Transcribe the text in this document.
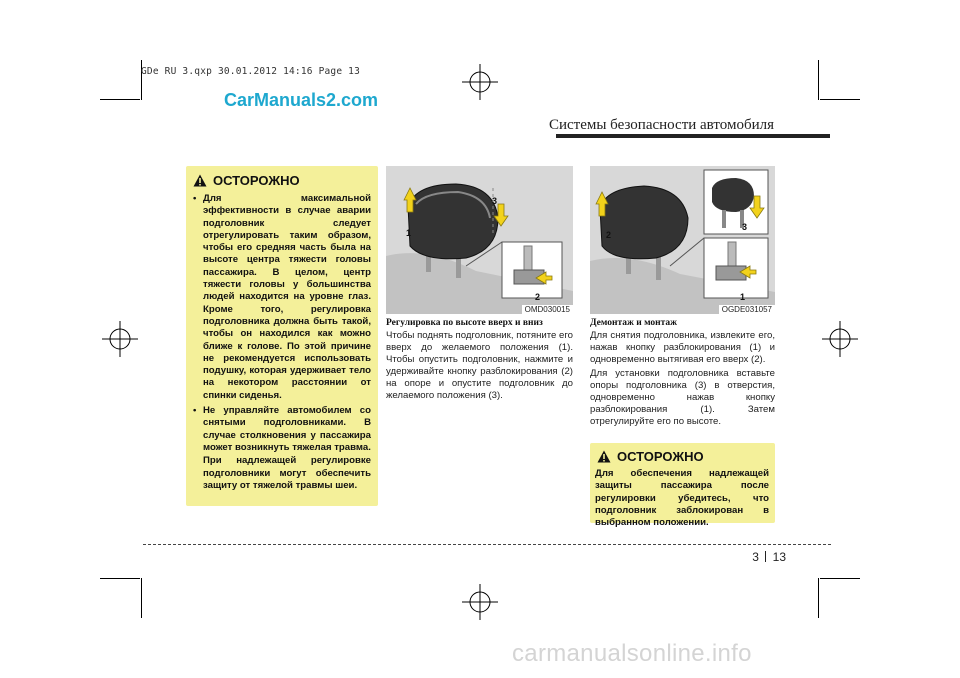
GDe RU 3.qxp 30.01.2012 14:16 Page 13
CarManuals2.com
Системы безопасности автомобиля
ОСТОРОЖНО
• Для максимальной эффективности в случае аварии подголовник следует отрегулировать таким образом, чтобы его средняя часть была на высоте центра тяжести головы пассажира. В целом, центр тяжести головы у большинства людей находится на уровне глаз. Кроме того, регулировка подголовника должна быть такой, чтобы он находился как можно ближе к голове. По этой причине не рекомендуется использовать подушку, которая удерживает тело на некотором расстоянии от спинки сиденья.
• Не управляйте автомобилем со снятыми подголовниками. В случае столкновения у пассажира может возникнуть тяжелая травма.
При надлежащей регулировке подголовники могут обеспечить защиту от тяжелой травмы шеи.
1
3
2
OMD030015
2
3
1
OGDE031057
Регулировка по высоте вверх и вниз
Чтобы поднять подголовник, потяните его вверх до желаемого положения (1). Чтобы опустить подголовник, нажмите и удерживайте кнопку разблокирования (2) на опоре и опустите подголовник до желаемого положения (3).
Демонтаж и монтаж
Для снятия подголовника, извлеките его, нажав кнопку разблокирования (1) и одновременно вытягивая его вверх (2).
Для установки подголовника вставьте опоры подголовника (3) в отверстия, одновременно нажав кнопку разблокирования (1). Затем отрегулируйте его по высоте.
ОСТОРОЖНО
Для обеспечения надлежащей защиты пассажира после регулировки убедитесь, что подголовник заблокирован в выбранном положении.
3 13
carmanualsonline.info
